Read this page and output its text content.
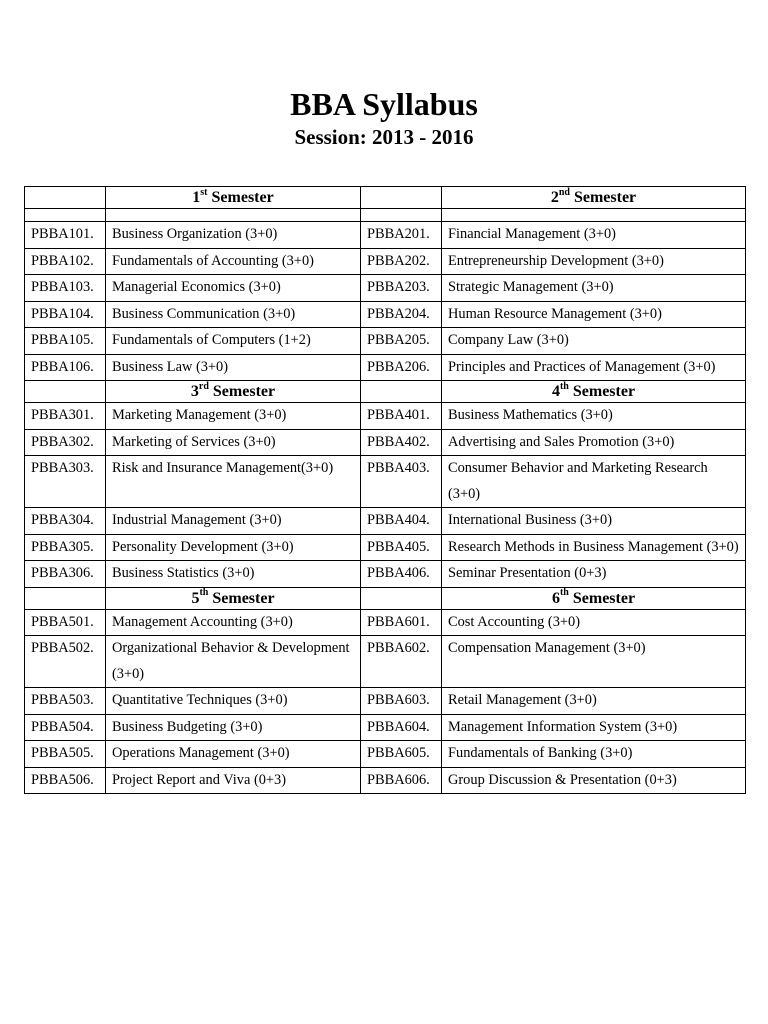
BBA Syllabus
Session: 2013 - 2016
	1st Semester		2nd Semester

PBBA101.	Business Organization (3+0)	PBBA201.	Financial Management (3+0)
PBBA102.	Fundamentals of Accounting (3+0)	PBBA202.	Entrepreneurship Development (3+0)
PBBA103.	Managerial Economics (3+0)	PBBA203.	Strategic Management (3+0)
PBBA104.	Business Communication (3+0)	PBBA204.	Human Resource Management (3+0)
PBBA105.	Fundamentals of Computers (1+2)	PBBA205.	Company Law (3+0)
PBBA106.	Business Law (3+0)	PBBA206.	Principles and Practices of Management (3+0)
	3rd Semester		4th Semester
PBBA301.	Marketing Management (3+0)	PBBA401.	Business Mathematics (3+0)
PBBA302.	Marketing of Services (3+0)	PBBA402.	Advertising and Sales Promotion (3+0)
PBBA303.	Risk and Insurance Management(3+0)	PBBA403.	Consumer Behavior and Marketing Research (3+0)
PBBA304.	Industrial Management (3+0)	PBBA404.	International Business (3+0)
PBBA305.	Personality Development (3+0)	PBBA405.	Research Methods in Business Management (3+0)
PBBA306.	Business Statistics (3+0)	PBBA406.	Seminar Presentation (0+3)
	5th Semester		6th Semester
PBBA501.	Management Accounting (3+0)	PBBA601.	Cost Accounting (3+0)
PBBA502.	Organizational Behavior & Development (3+0)	PBBA602.	Compensation Management (3+0)
PBBA503.	Quantitative Techniques (3+0)	PBBA603.	Retail Management (3+0)
PBBA504.	Business Budgeting (3+0)	PBBA604.	Management Information System (3+0)
PBBA505.	Operations Management (3+0)	PBBA605.	Fundamentals of Banking (3+0)
PBBA506.	Project Report and Viva (0+3)	PBBA606.	Group Discussion & Presentation (0+3)
